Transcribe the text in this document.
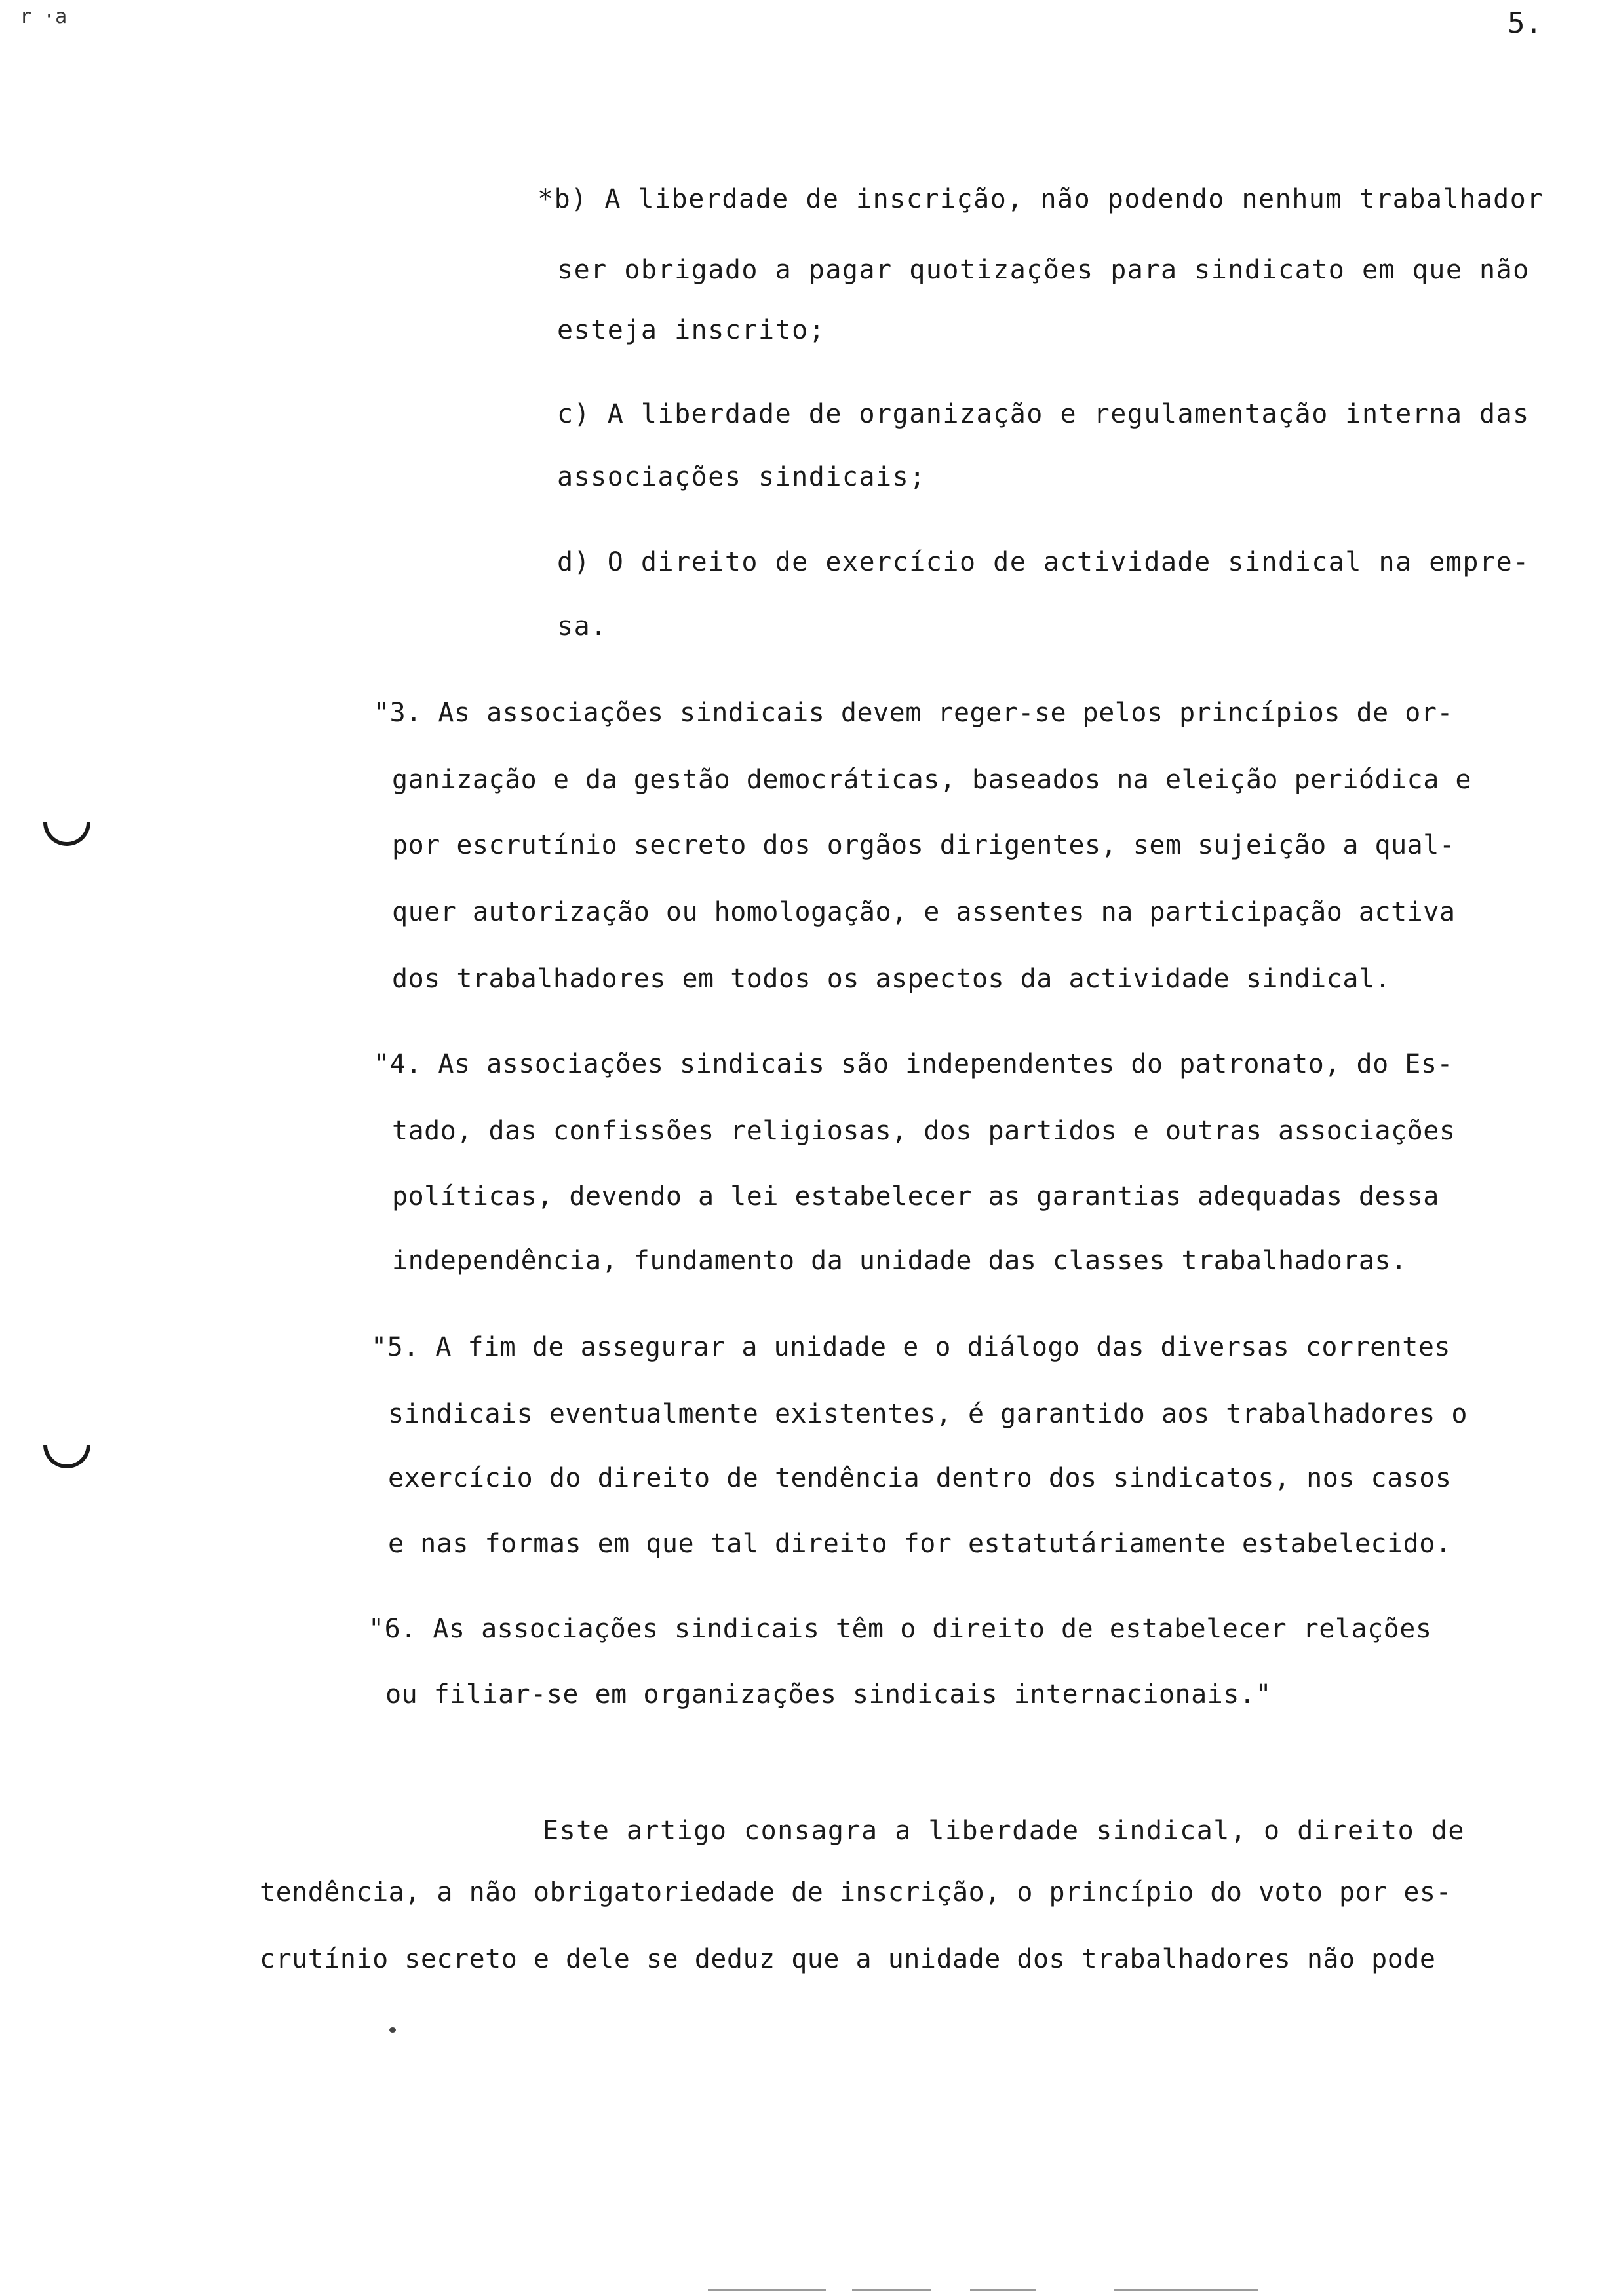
r ·a	5.
*b) A liberdade de inscrição, não podendo nenhum trabalhador
ser obrigado a pagar quotizações para sindicato em que não
esteja inscrito;
c) A liberdade de organização e regulamentação interna das
associações sindicais;
d) O direito de exercício de actividade sindical na empre-
sa.
"3. As associações sindicais devem reger-se pelos princípios de or-
ganização e da gestão democráticas, baseados na eleição periódica e
por escrutínio secreto dos orgãos dirigentes, sem sujeição a qual-
quer autorização ou homologação, e assentes na participação activa
dos trabalhadores em todos os aspectos da actividade sindical.
"4. As associações sindicais são independentes do patronato, do Es-
tado, das confissões religiosas, dos partidos e outras associações
políticas, devendo a lei estabelecer as garantias adequadas dessa
independência, fundamento da unidade das classes trabalhadoras.
"5. A fim de assegurar a unidade e o diálogo das diversas correntes
sindicais eventualmente existentes, é garantido aos trabalhadores o
exercício do direito de tendência dentro dos sindicatos, nos casos
e nas formas em que tal direito for estatutáriamente estabelecido.
"6. As associações sindicais têm o direito de estabelecer relações
ou filiar-se em organizações sindicais internacionais."
Este artigo consagra a liberdade sindical, o direito de
tendência, a não obrigatoriedade de inscrição, o princípio do voto por es-
crutínio secreto e dele se deduz que a unidade dos trabalhadores não pode
